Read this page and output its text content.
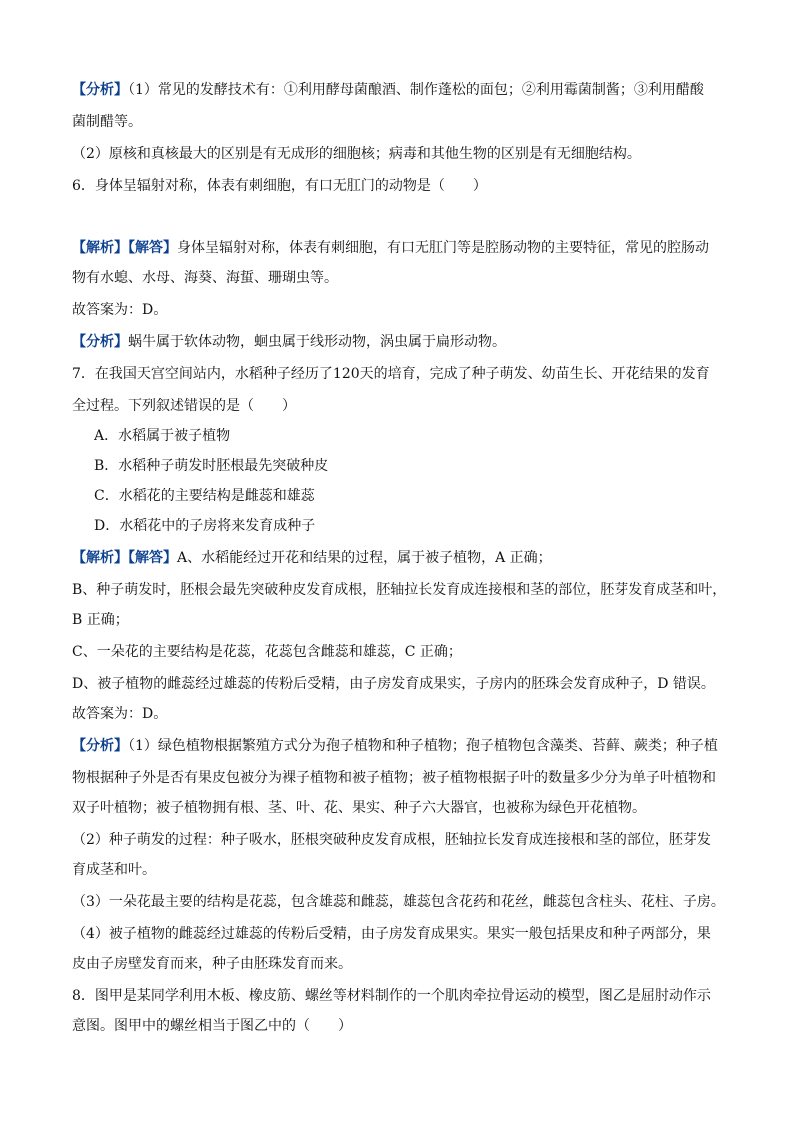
【分析】（1）常见的发酵技术有：①利用酵母菌酿酒、制作蓬松的面包；②利用霉菌制酱；③利用醋酸
菌制醋等。
（2）原核和真核最大的区别是有无成形的细胞核；病毒和其他生物的区别是有无细胞结构。
6．身体呈辐射对称，体表有刺细胞，有口无肛门的动物是（　　）
【解析】【解答】身体呈辐射对称，体表有刺细胞，有口无肛门等是腔肠动物的主要特征，常见的腔肠动
物有水螅、水母、海葵、海蜇、珊瑚虫等。
故答案为：D。
【分析】蜗牛属于软体动物，蛔虫属于线形动物，涡虫属于扁形动物。
7．在我国天宫空间站内，水稻种子经历了120天的培育，完成了种子萌发、幼苗生长、开花结果的发育
全过程。下列叙述错误的是（　　）
A．水稻属于被子植物
B．水稻种子萌发时胚根最先突破种皮
C．水稻花的主要结构是雌蕊和雄蕊
D．水稻花中的子房将来发育成种子
【解析】【解答】A、水稻能经过开花和结果的过程，属于被子植物，A 正确；
B、种子萌发时，胚根会最先突破种皮发育成根，胚轴拉长发育成连接根和茎的部位，胚芽发育成茎和叶，
B 正确；
C、一朵花的主要结构是花蕊，花蕊包含雌蕊和雄蕊，C 正确；
D、被子植物的雌蕊经过雄蕊的传粉后受精，由子房发育成果实，子房内的胚珠会发育成种子，D 错误。
故答案为：D。
【分析】（1）绿色植物根据繁殖方式分为孢子植物和种子植物；孢子植物包含藻类、苔藓、蕨类；种子植
物根据种子外是否有果皮包被分为裸子植物和被子植物；被子植物根据子叶的数量多少分为单子叶植物和
双子叶植物；被子植物拥有根、茎、叶、花、果实、种子六大器官，也被称为绿色开花植物。
（2）种子萌发的过程：种子吸水，胚根突破种皮发育成根，胚轴拉长发育成连接根和茎的部位，胚芽发
育成茎和叶。
（3）一朵花最主要的结构是花蕊，包含雄蕊和雌蕊，雄蕊包含花药和花丝，雌蕊包含柱头、花柱、子房。
（4）被子植物的雌蕊经过雄蕊的传粉后受精，由子房发育成果实。果实一般包括果皮和种子两部分，果
皮由子房壁发育而来，种子由胚珠发育而来。
8．图甲是某同学利用木板、橡皮筋、螺丝等材料制作的一个肌肉牵拉骨运动的模型，图乙是屈肘动作示
意图。图甲中的螺丝相当于图乙中的（　　）
